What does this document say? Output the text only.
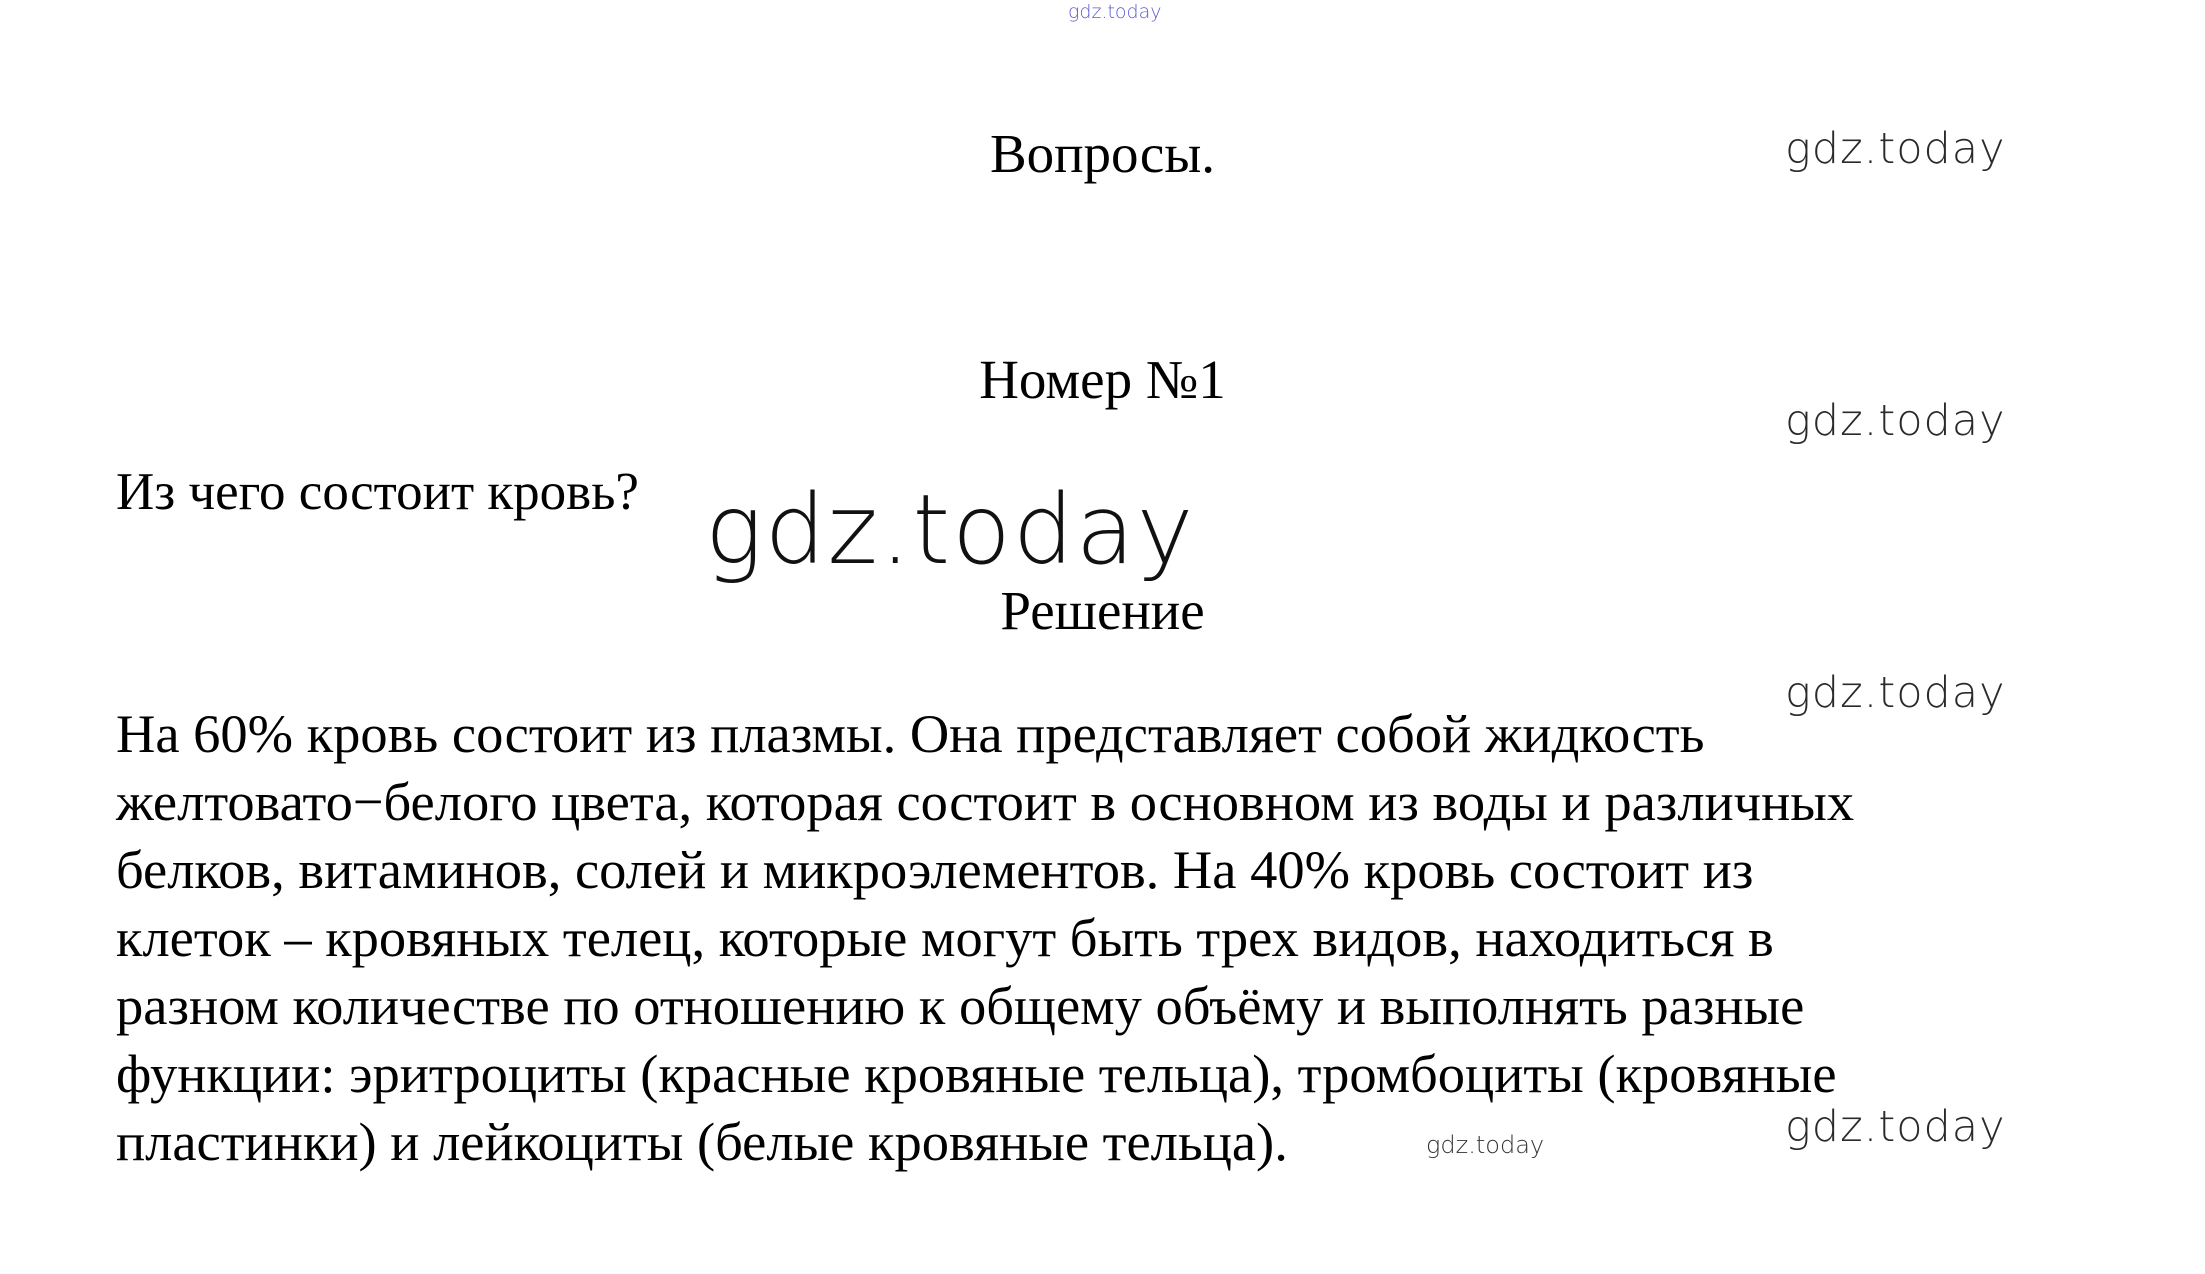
gdz.today
gdz.today
gdz.today
gdz.today
gdz.today
gdz.today
gdz.today
Вопросы.
Номер №1
Из чего состоит кровь?
Решение
На 60% кровь состоит из плазмы. Она представляет собой жидкость
желтовато−белого цвета, которая состоит в основном из воды и различных
белков, витаминов, солей и микроэлементов. На 40% кровь состоит из
клеток – кровяных телец, которые могут быть трех видов, находиться в
разном количестве по отношению к общему объёму и выполнять разные
функции: эритроциты (красные кровяные тельца), тромбоциты (кровяные
пластинки) и лейкоциты (белые кровяные тельца).
